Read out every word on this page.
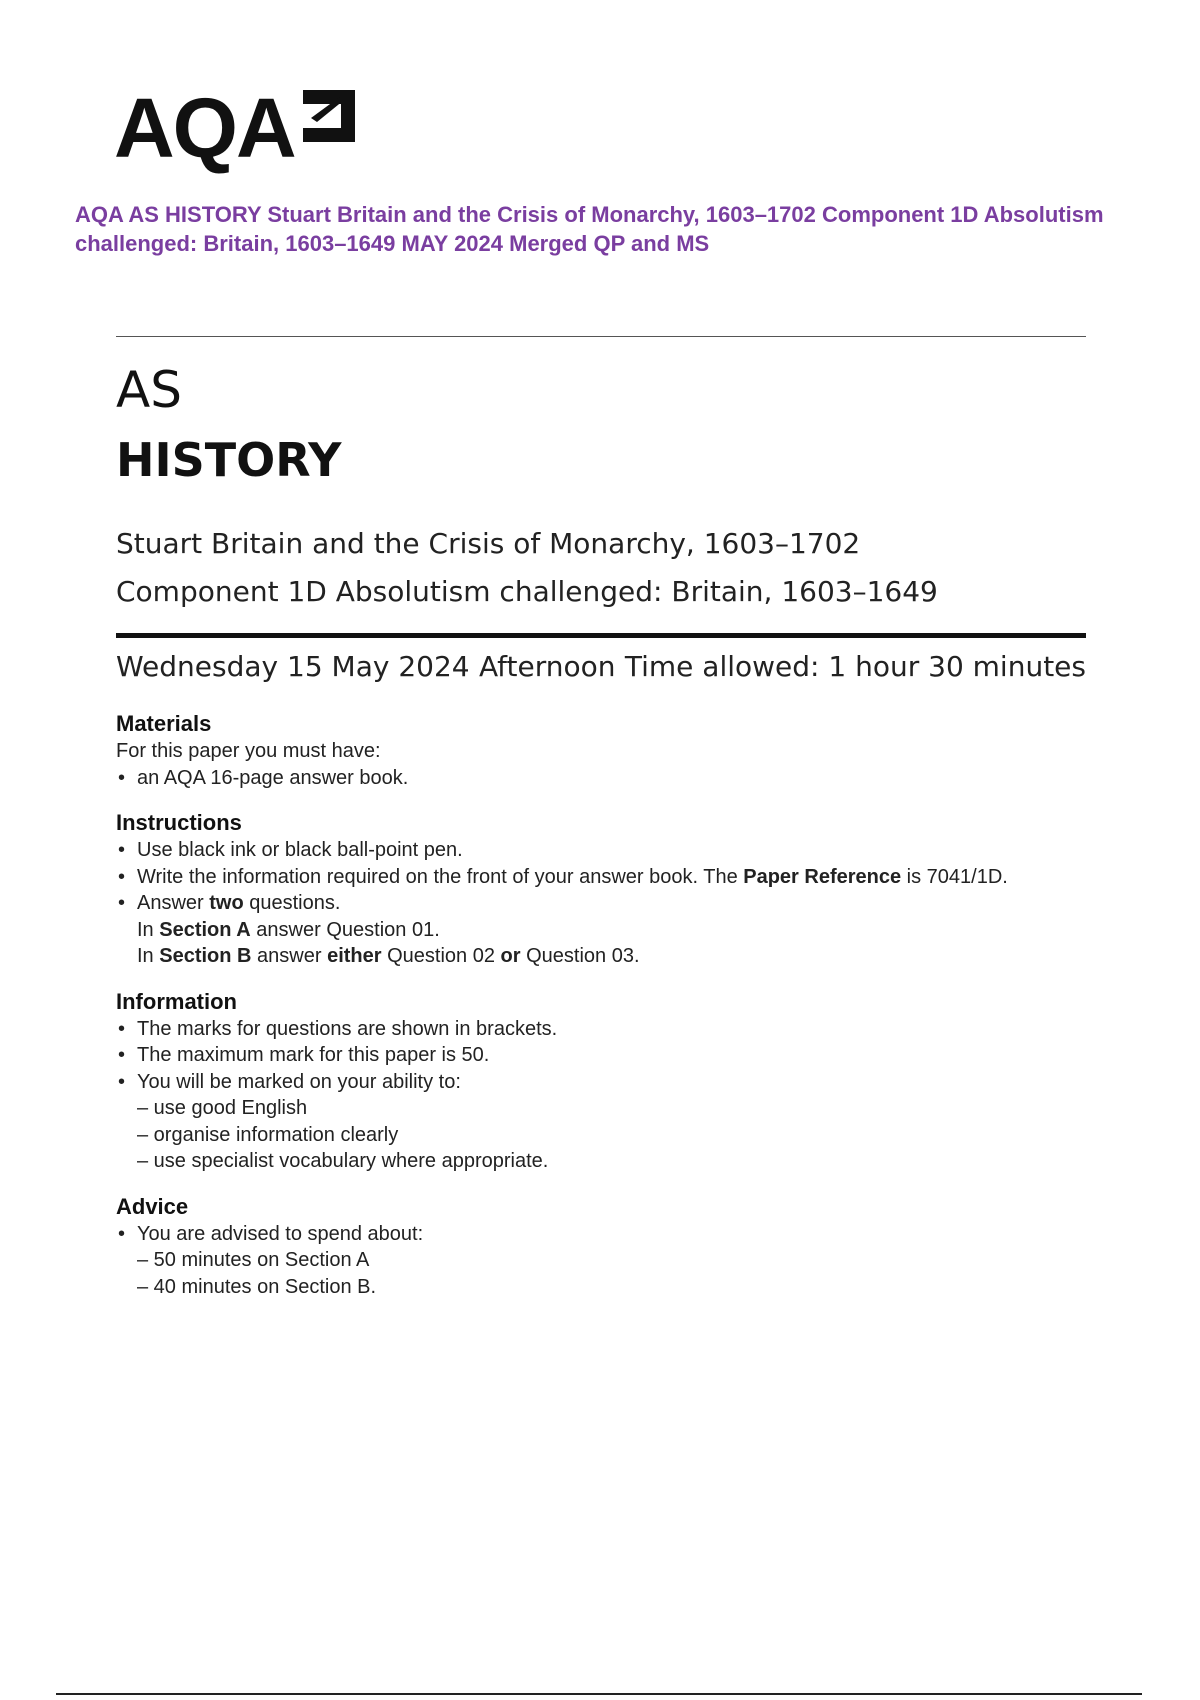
AQA
AQA AS HISTORY Stuart Britain and the Crisis of Monarchy, 1603–1702 Component 1D Absolutism challenged: Britain, 1603–1649 MAY 2024 Merged QP and MS
AS
HISTORY
Stuart Britain and the Crisis of Monarchy, 1603–1702
Component 1D Absolutism challenged: Britain, 1603–1649
Wednesday 15 May 2024 Afternoon Time allowed: 1 hour 30 minutes
Materials

For this paper you must have:

• an AQA 16-page answer book.
Instructions
• Use black ink or black ball-point pen.
• Write the information required on the front of your answer book. The Paper Reference is 7041/1D.
• Answer two questions.
In Section A answer Question 01.
In Section B answer either Question 02 or Question 03.
Information
• The marks for questions are shown in brackets.
• The maximum mark for this paper is 50.
• You will be marked on your ability to:
– use good English
– organise information clearly
– use specialist vocabulary where appropriate.
Advice
• You are advised to spend about:
– 50 minutes on Section A
– 40 minutes on Section B.
